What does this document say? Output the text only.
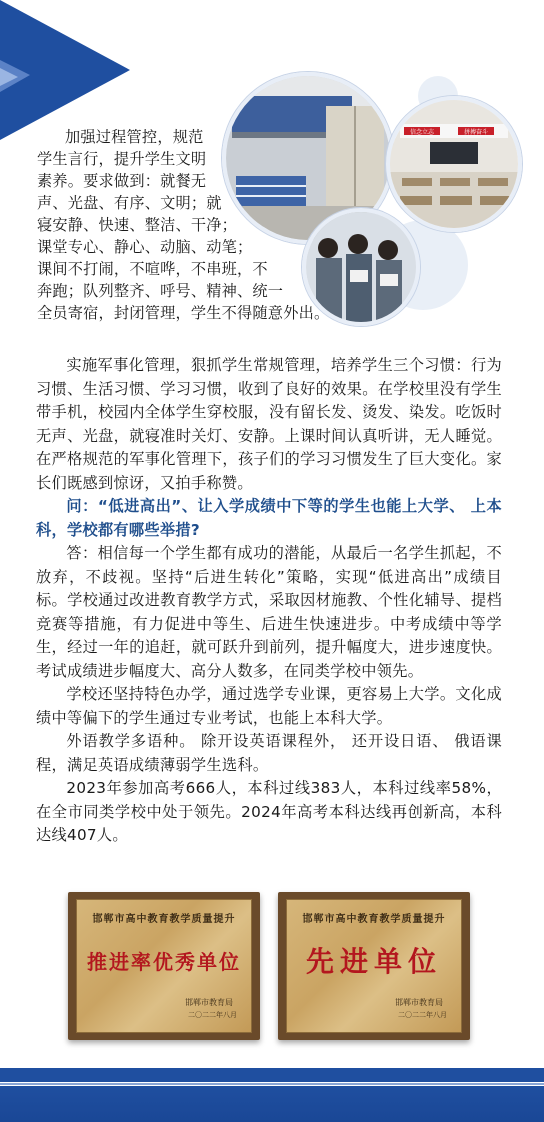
信念立志	拼搏奋斗
加强过程管控，规范
学生言行，提升学生文明
素养。要求做到：就餐无
声、光盘、有序、文明；就
寝安静、快速、整洁、干净；
课堂专心、静心、动脑、动笔；
课间不打闹，不喧哗，不串班，不
奔跑；队列整齐、呼号、精神、统一
全员寄宿，封闭管理，学生不得随意外出。

实施军事化管理，狠抓学生常规管理，培养学生三个习惯：行为习惯、生活习惯、学习习惯，收到了良好的效果。在学校里没有学生带手机，校园内全体学生穿校服，没有留长发、烫发、染发。吃饭时无声、光盘，就寝准时关灯、安静。上课时间认真听讲，无人睡觉。在严格规范的军事化管理下，孩子们的学习习惯发生了巨大变化。家长们既感到惊讶，又拍手称赞。

问：“低进高出”、让入学成绩中下等的学生也能上大学、 上本科，学校都有哪些举措?

答：相信每一个学生都有成功的潜能，从最后一名学生抓起，不放弃，不歧视。坚持“后进生转化”策略，实现“低进高出”成绩目标。学校通过改进教育教学方式，采取因材施教、个性化辅导、提档竞赛等措施，有力促进中等生、后进生快速进步。中考成绩中等学生，经过一年的追赶，就可跃升到前列，提升幅度大，进步速度快。考试成绩进步幅度大、高分人数多，在同类学校中领先。

学校还坚持特色办学，通过选学专业课，更容易上大学。文化成绩中等偏下的学生通过专业考试，也能上本科大学。

外语教学多语种。 除开设英语课程外， 还开设日语、 俄语课程，满足英语成绩薄弱学生选科。

2023年参加高考666人，本科过线383人，本科过线率58%，在全市同类学校中处于领先。2024年高考本科达线再创新高，本科达线407人。

邯郸市高中教育教学质量提升
推进率优秀单位
邯郸市教育局
二〇二二年八月
邯郸市高中教育教学质量提升
先进单位
邯郸市教育局
二〇二二年八月
